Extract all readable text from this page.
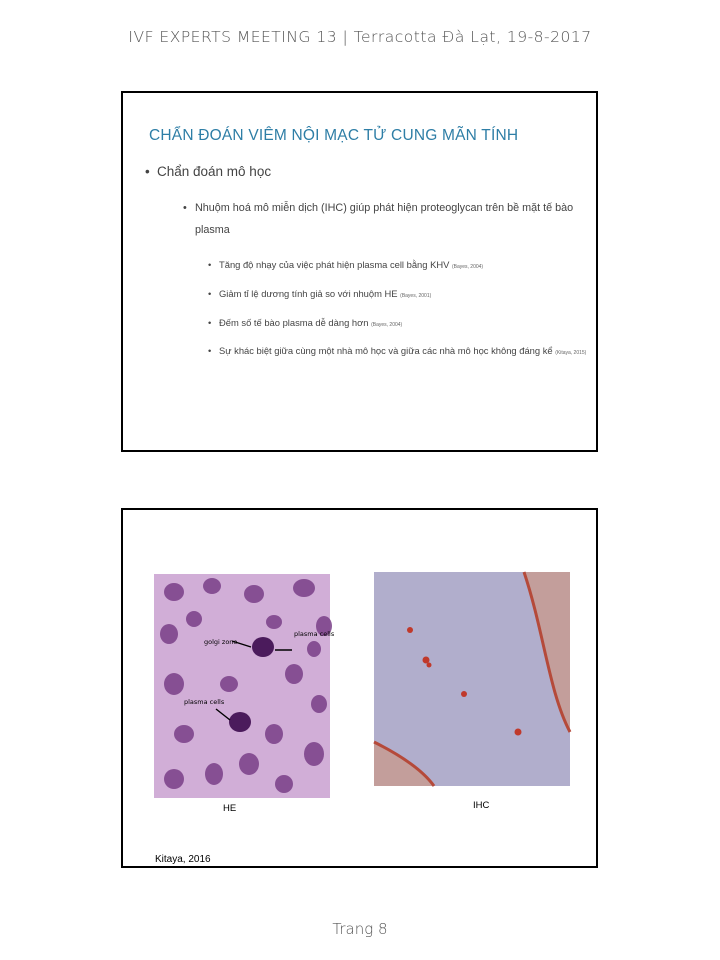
IVF EXPERTS MEETING 13 | Terracotta Đà Lạt, 19-8-2017
CHẨN ĐOÁN VIÊM NỘI MẠC TỬ CUNG MÃN TÍNH
• Chẩn đoán mô học
• Nhuộm hoá mô miễn dịch (IHC) giúp phát hiện proteoglycan trên bề mặt tế bào plasma
• Tăng độ nhạy của việc phát hiện plasma cell bằng KHV (Bayes, 2004)
• Giảm tỉ lệ dương tính giả so với nhuộm HE (Bayes, 2001)
• Đếm số tế bào plasma dễ dàng hơn (Bayes, 2004)
• Sự khác biệt giữa cùng một nhà mô học và giữa các nhà mô học không đáng kể (Kitaya, 2015)
plasma cells
golgi zone
plasma cells
HE	IHC
Kitaya, 2016
Trang 8
